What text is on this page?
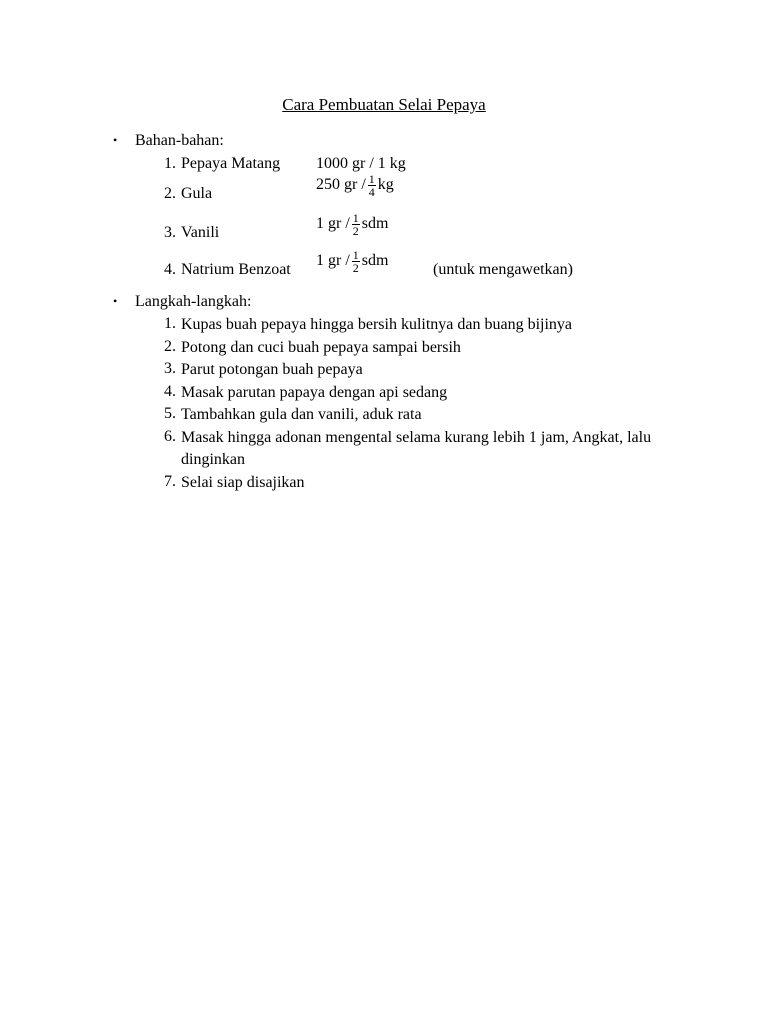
Cara Pembuatan Selai Pepaya
• Bahan-bahan:
1. Pepaya Matang 1000 gr / 1 kg
2. Gula
250 gr / $\frac{1}{4}$ kg
3. Vanili
1 gr / $\frac{1}{2}$ sdm
4. Natrium Benzoat
1 gr / $\frac{1}{2}$ sdm
(untuk mengawetkan)
• Langkah-langkah:
1. Kupas buah pepaya hingga bersih kulitnya dan buang bijinya
2. Potong dan cuci buah pepaya sampai bersih
3. Parut potongan buah pepaya
4. Masak parutan papaya dengan api sedang
5. Tambahkan gula dan vanili, aduk rata
6. Masak hingga adonan mengental selama kurang lebih 1 jam, Angkat, lalu dinginkan
7. Selai siap disajikan
